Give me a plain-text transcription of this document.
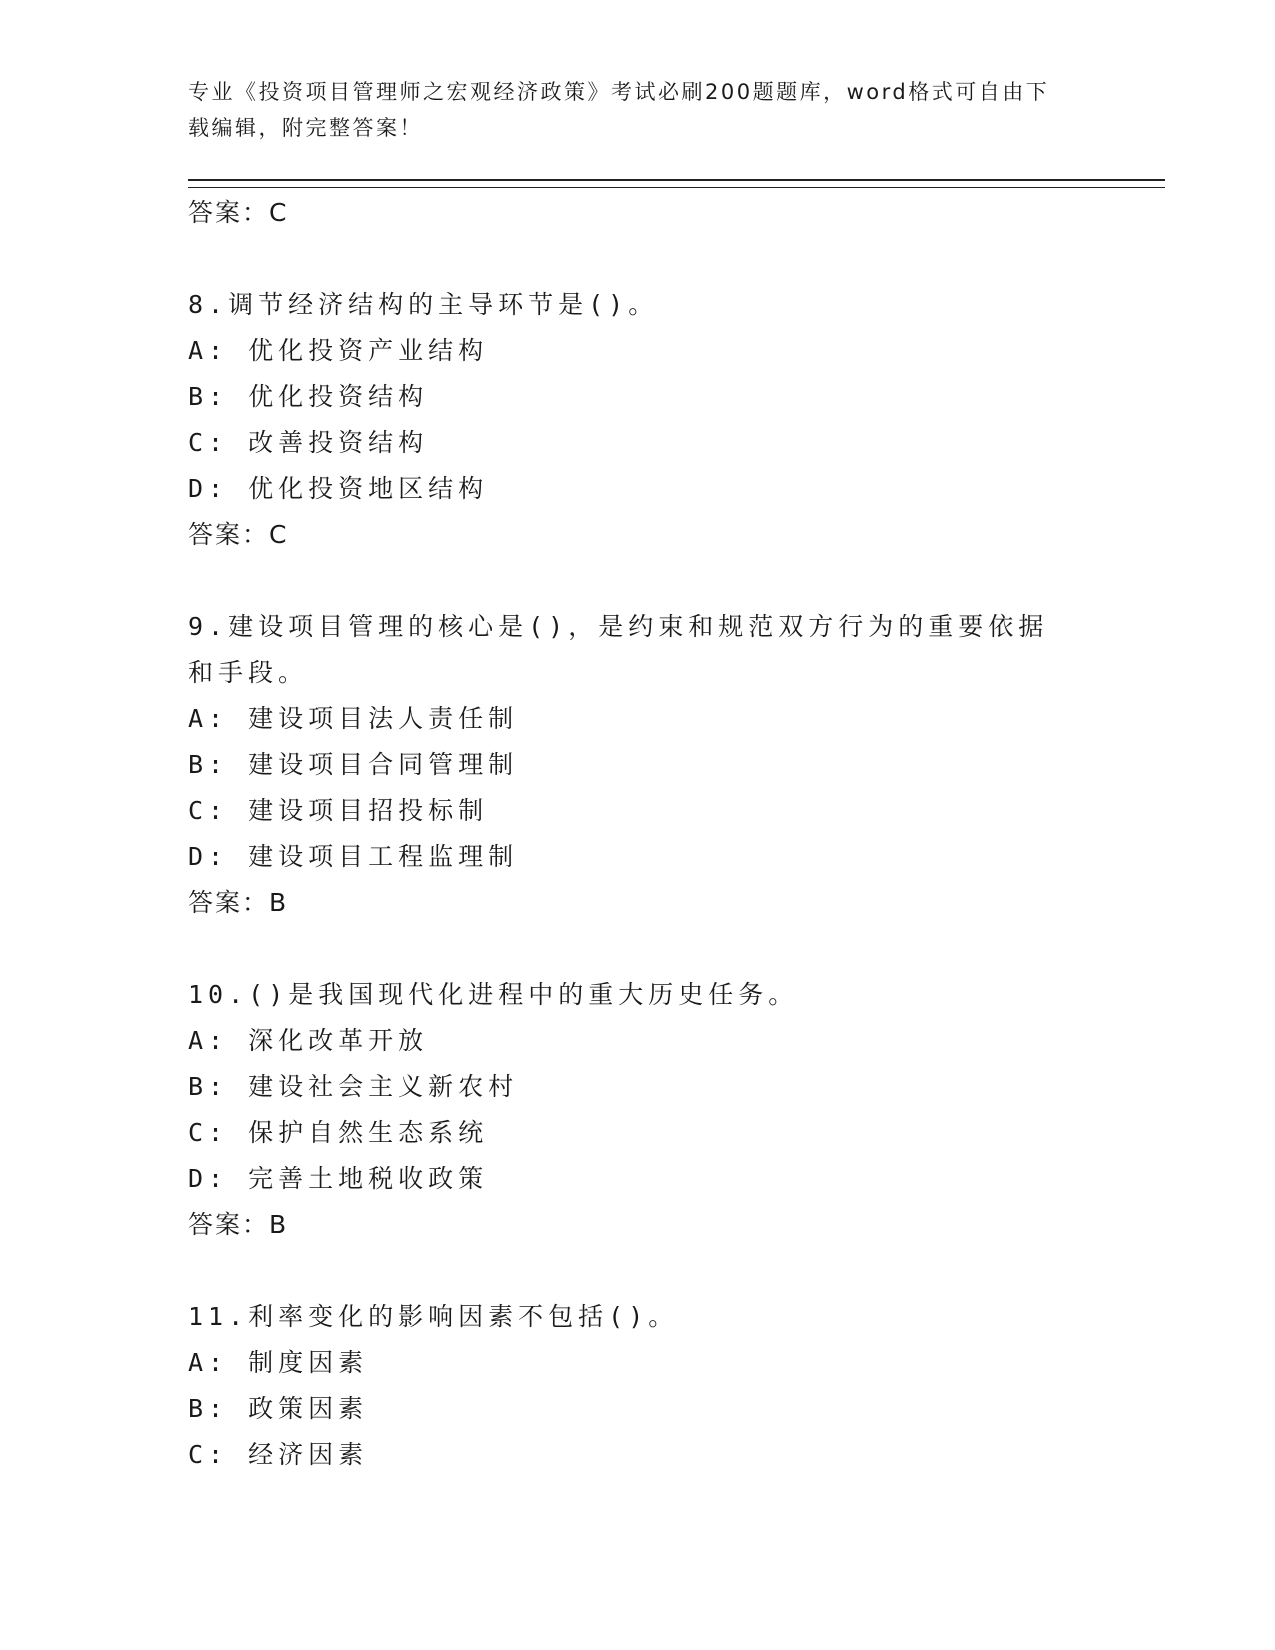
专业《投资项目管理师之宏观经济政策》考试必刷200题题库，word格式可自由下载编辑，附完整答案！
答案：C
8.调节经济结构的主导环节是()。
A: 优化投资产业结构
B: 优化投资结构
C: 改善投资结构
D: 优化投资地区结构
答案：C
9.建设项目管理的核心是()，是约束和规范双方行为的重要依据和手段。
A: 建设项目法人责任制
B: 建设项目合同管理制
C: 建设项目招投标制
D: 建设项目工程监理制
答案：B
10.()是我国现代化进程中的重大历史任务。
A: 深化改革开放
B: 建设社会主义新农村
C: 保护自然生态系统
D: 完善土地税收政策
答案：B
11.利率变化的影响因素不包括()。
A: 制度因素
B: 政策因素
C: 经济因素
